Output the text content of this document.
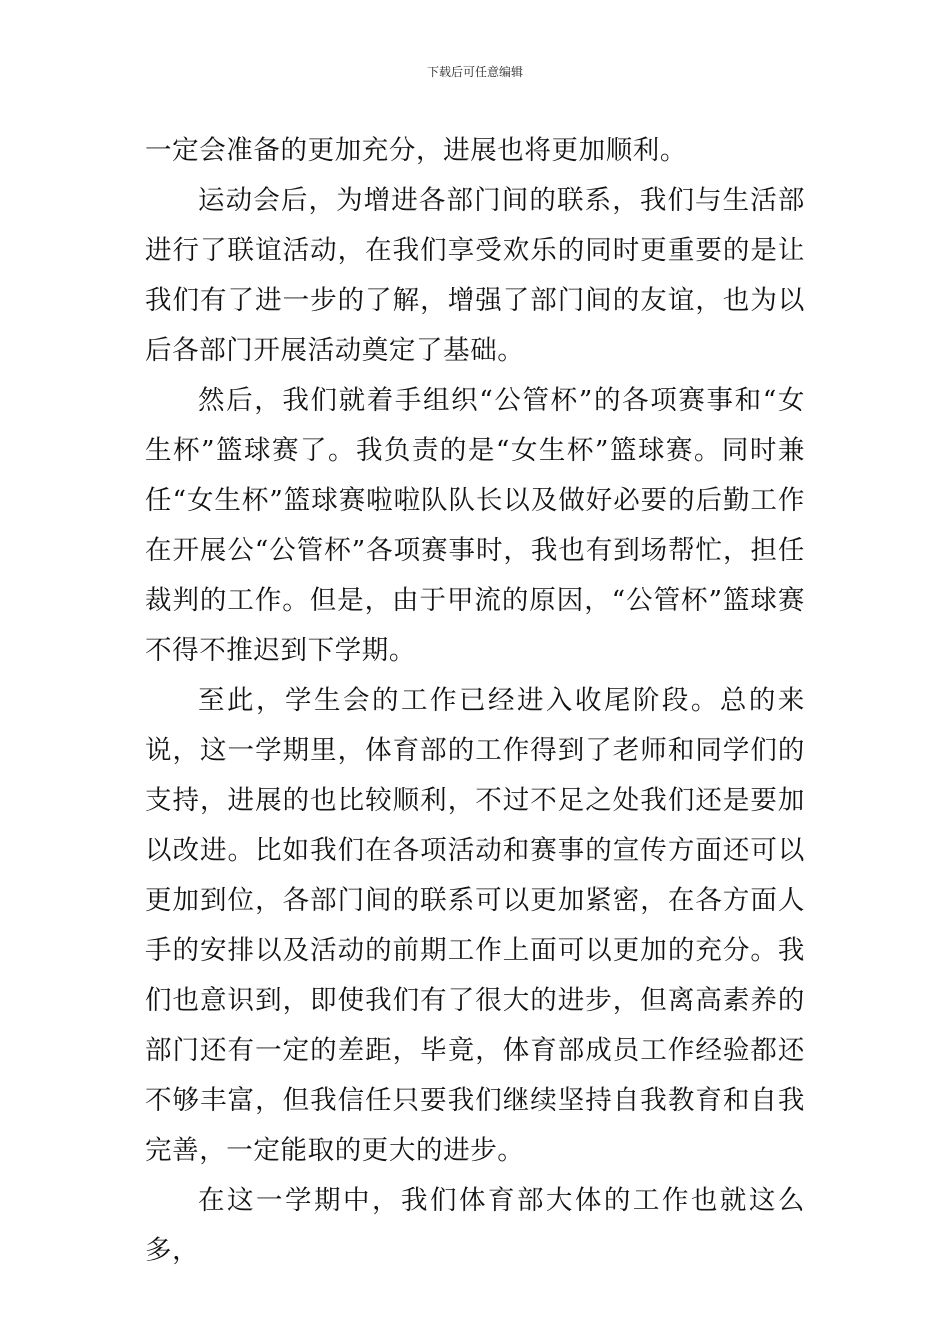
下载后可任意编辑

一定会准备的更加充分，进展也将更加顺利。

运动会后，为增进各部门间的联系，我们与生活部进行了联谊活动，在我们享受欢乐的同时更重要的是让我们有了进一步的了解，增强了部门间的友谊，也为以后各部门开展活动奠定了基础。

然后，我们就着手组织“公管杯”的各项赛事和“女生杯”篮球赛了。我负责的是“女生杯”篮球赛。同时兼任“女生杯”篮球赛啦啦队队长以及做好必要的后勤工作在开展公“公管杯”各项赛事时，我也有到场帮忙，担任裁判的工作。但是，由于甲流的原因，“公管杯”篮球赛不得不推迟到下学期。

至此，学生会的工作已经进入收尾阶段。总的来说，这一学期里，体育部的工作得到了老师和同学们的支持，进展的也比较顺利，不过不足之处我们还是要加以改进。比如我们在各项活动和赛事的宣传方面还可以更加到位，各部门间的联系可以更加紧密，在各方面人手的安排以及活动的前期工作上面可以更加的充分。我们也意识到，即使我们有了很大的进步，但离高素养的部门还有一定的差距，毕竟，体育部成员工作经验都还不够丰富，但我信任只要我们继续坚持自我教育和自我完善，一定能取的更大的进步。

在这一学期中，我们体育部大体的工作也就这么多，
